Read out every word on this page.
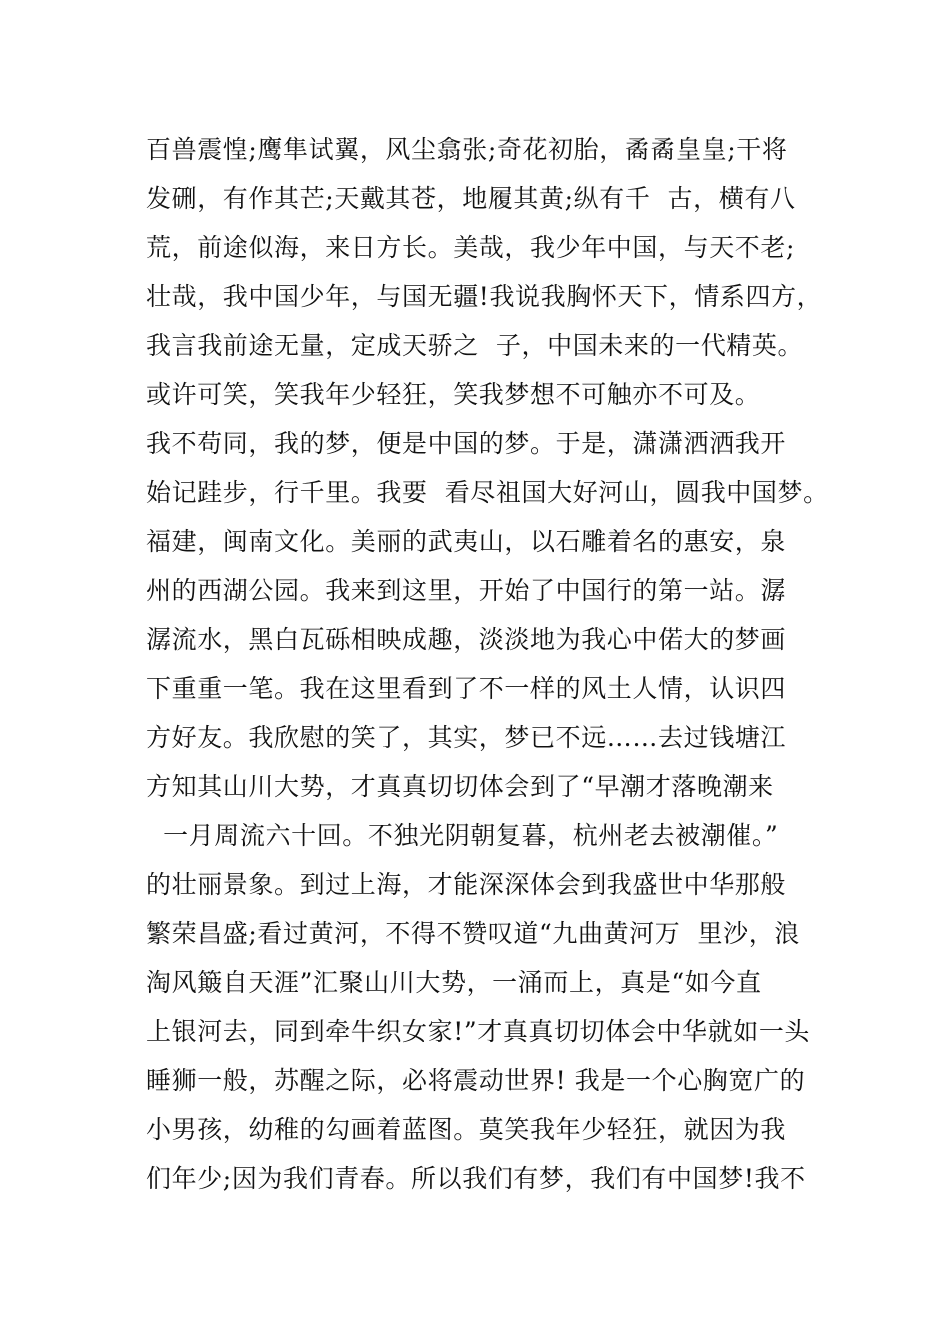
百兽震惶;鹰隼试翼，风尘翕张;奇花初胎，矞矞皇皇;干将
发硎，有作其芒;天戴其苍，地履其黄;纵有千  古，横有八
荒，前途似海，来日方长。美哉，我少年中国，与天不老;
壮哉，我中国少年，与国无疆!我说我胸怀天下，情系四方，
我言我前途无量，定成天骄之  子，中国未来的一代精英。
或许可笑，笑我年少轻狂，笑我梦想不可触亦不可及。
我不苟同，我的梦，便是中国的梦。于是，潇潇洒洒我开
始记跬步，行千里。我要  看尽祖国大好河山，圆我中国梦。
福建，闽南文化。美丽的武夷山，以石雕着名的惠安，泉
州的西湖公园。我来到这里，开始了中国行的第一站。潺
潺流水，黑白瓦砾相映成趣，淡淡地为我心中偌大的梦画
下重重一笔。我在这里看到了不一样的风土人情，认识四
方好友。我欣慰的笑了，其实，梦已不远……去过钱塘江
方知其山川大势，才真真切切体会到了“早潮才落晚潮来
一月周流六十回。不独光阴朝复暮，杭州老去被潮催。”
的壮丽景象。到过上海，才能深深体会到我盛世中华那般
繁荣昌盛;看过黄河，不得不赞叹道“九曲黄河万  里沙，浪
淘风簸自天涯”汇聚山川大势，一涌而上，真是“如今直
上银河去，同到牵牛织女家!”才真真切切体会中华就如一头
睡狮一般，苏醒之际，必将震动世界! 我是一个心胸宽广的
小男孩，幼稚的勾画着蓝图。莫笑我年少轻狂，就因为我
们年少;因为我们青春。所以我们有梦，我们有中国梦!我不
